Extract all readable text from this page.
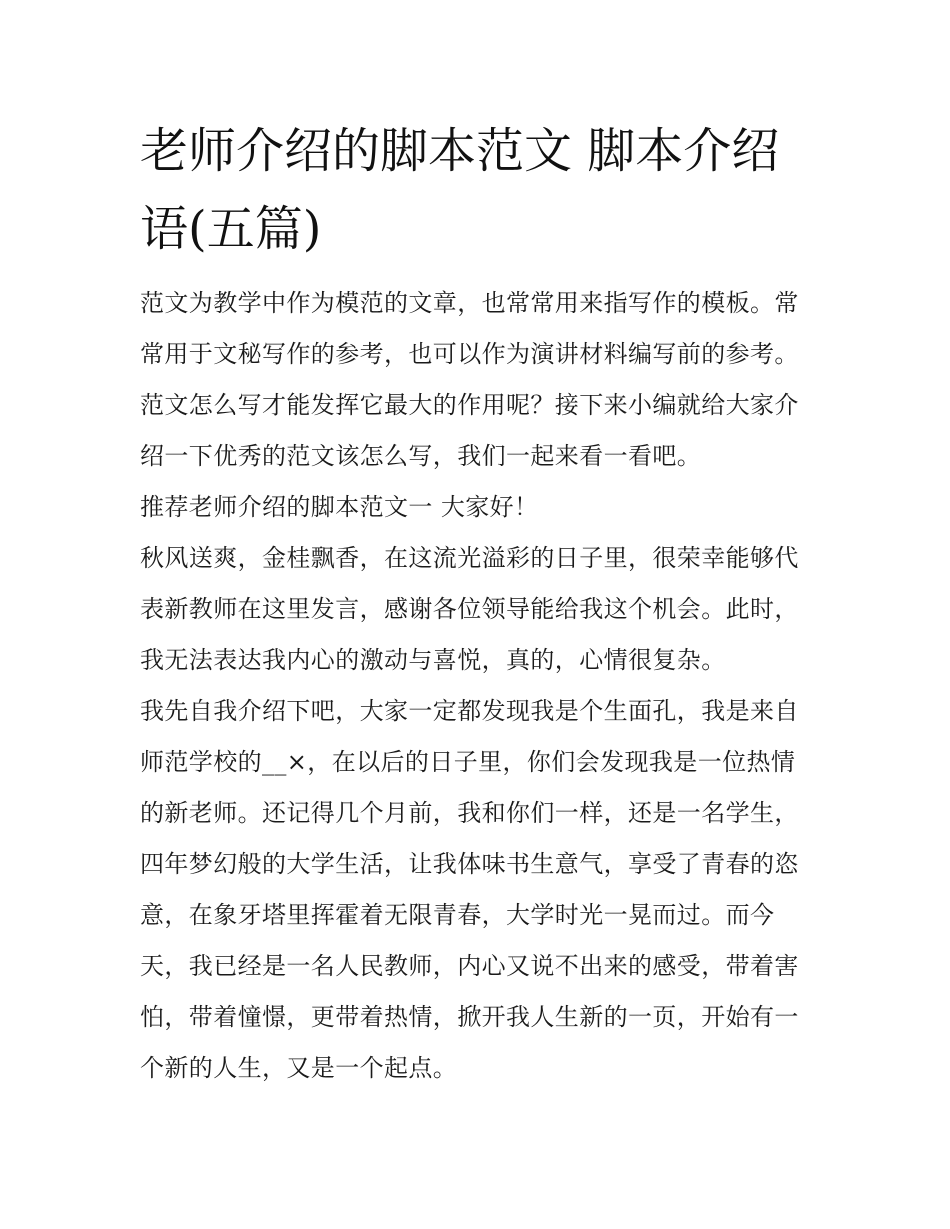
老师介绍的脚本范文 脚本介绍
语(五篇)
范文为教学中作为模范的文章，也常常用来指写作的模板。常
常用于文秘写作的参考，也可以作为演讲材料编写前的参考。
范文怎么写才能发挥它最大的作用呢？接下来小编就给大家介
绍一下优秀的范文该怎么写，我们一起来看一看吧。
推荐老师介绍的脚本范文一 大家好！
秋风送爽，金桂飘香，在这流光溢彩的日子里，很荣幸能够代
表新教师在这里发言，感谢各位领导能给我这个机会。此时，
我无法表达我内心的激动与喜悦，真的，心情很复杂。
我先自我介绍下吧，大家一定都发现我是个生面孔，我是来自
师范学校的__×，在以后的日子里，你们会发现我是一位热情
的新老师。还记得几个月前，我和你们一样，还是一名学生，
四年梦幻般的大学生活，让我体味书生意气，享受了青春的恣
意，在象牙塔里挥霍着无限青春，大学时光一晃而过。而今
天，我已经是一名人民教师，内心又说不出来的感受，带着害
怕，带着憧憬，更带着热情，掀开我人生新的一页，开始有一
个新的人生，又是一个起点。
